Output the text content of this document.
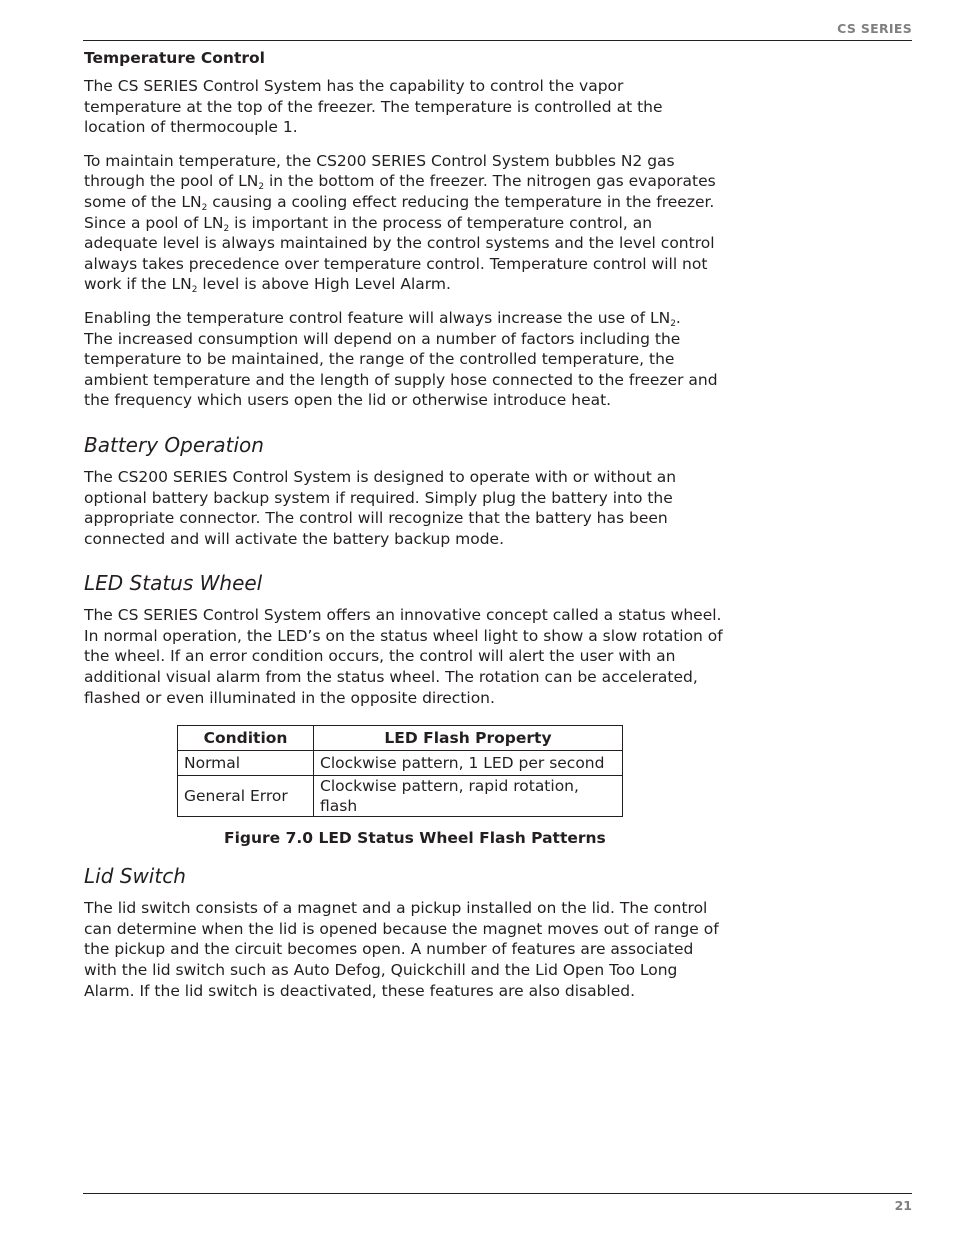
CS SERIES
Temperature Control

The CS SERIES Control System has the capability to control the vapor temperature at the top of the freezer. The temperature is controlled at the location of thermocouple 1.

To maintain temperature, the CS200 SERIES Control System bubbles N2 gas through the pool of $LN_2$ in the bottom of the freezer. The nitrogen gas evaporates some of the $LN_2$ causing a cooling effect reducing the temperature in the freezer. Since a pool of $LN_2$ is important in the process of temperature control, an adequate level is always maintained by the control systems and the level control always takes precedence over temperature control. Temperature control will not work if the $LN_2$ level is above High Level Alarm.

Enabling the temperature control feature will always increase the use of $LN_2$.
The increased consumption will depend on a number of factors including the temperature to be maintained, the range of the controlled temperature, the ambient temperature and the length of supply hose connected to the freezer and the frequency which users open the lid or otherwise introduce heat.

Battery Operation

The CS200 SERIES Control System is designed to operate with or without an optional battery backup system if required. Simply plug the battery into the appropriate connector. The control will recognize that the battery has been connected and will activate the battery backup mode.

LED Status Wheel

The CS SERIES Control System offers an innovative concept called a status wheel. In normal operation, the LED’s on the status wheel light to show a slow rotation of the wheel. If an error condition occurs, the control will alert the user with an additional visual alarm from the status wheel. The rotation can be accelerated, flashed or even illuminated in the opposite direction.

Condition	LED Flash Property
Normal	Clockwise pattern, 1 LED per second
General Error	Clockwise pattern, rapid rotation, flash
Figure 7.0 LED Status Wheel Flash Patterns
Lid Switch

The lid switch consists of a magnet and a pickup installed on the lid. The control can determine when the lid is opened because the magnet moves out of range of the pickup and the circuit becomes open. A number of features are associated with the lid switch such as Auto Defog, Quickchill and the Lid Open Too Long Alarm. If the lid switch is deactivated, these features are also disabled.

21
